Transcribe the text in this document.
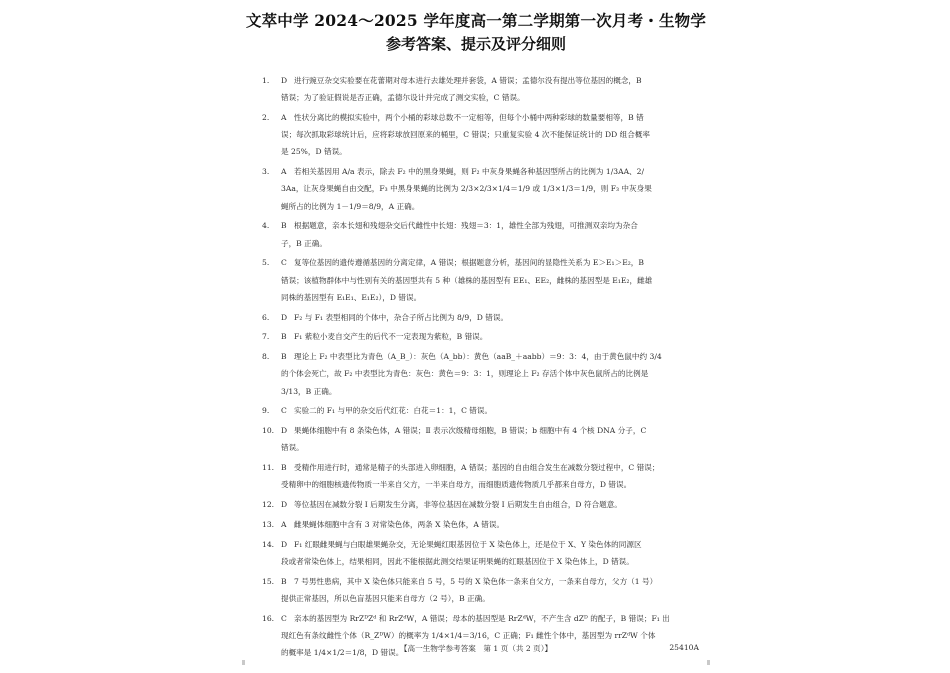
文萃中学 2024～2025 学年度高一第二学期第一次月考・生物学
参考答案、提示及评分细则
1.	D 进行豌豆杂交实验要在花蕾期对母本进行去雄处理并套袋，A 错误；孟德尔没有提出等位基因的概念，B
错误；为了验证假说是否正确，孟德尔设计并完成了测交实验，C 错误。
2.	A 性状分离比的模拟实验中，两个小桶的彩球总数不一定相等，但每个小桶中两种彩球的数量要相等，B 错
误；每次抓取彩球统计后，应将彩球放回原来的桶里，C 错误；只重复实验 4 次不能保证统计的 DD 组合概率
是 25%，D 错误。
3.	A 若相关基因用 A/a 表示，除去 F₂ 中的黑身果蝇，则 F₂ 中灰身果蝇各种基因型所占的比例为 1/3AA、2/
3Aa，让灰身果蝇自由交配，F₃ 中黑身果蝇的比例为 2/3×2/3×1/4＝1/9 或 1/3×1/3＝1/9，则 F₃ 中灰身果
蝇所占的比例为 1－1/9＝8/9，A 正确。
4.	B 根据题意，亲本长翅和残翅杂交后代雌性中长翅：残翅＝3：1，雄性全部为残翅，可推测双亲均为杂合
子，B 正确。
5.	C 复等位基因的遗传遵循基因的分离定律，A 错误；根据题意分析，基因间的显隐性关系为 E＞E₁＞E₂，B
错误；该植物群体中与性别有关的基因型共有 5 种（雄株的基因型有 EE₁、EE₂，雌株的基因型是 E₁E₂，雌雄
同株的基因型有 E₁E₁、E₁E₂），D 错误。
6.	D F₂ 与 F₁ 表型相同的个体中，杂合子所占比例为 8/9，D 错误。
7.	B F₁ 紫粒小麦自交产生的后代不一定表现为紫粒，B 错误。
8.	B 理论上 F₂ 中表型比为青色（A_B_）：灰色（A_bb）：黄色（aaB_＋aabb）＝9：3：4，由于黄色鼠中约 3/4
的个体会死亡，故 F₂ 中表型比为青色：灰色：黄色＝9：3：1，则理论上 F₂ 存活个体中灰色鼠所占的比例是
3/13，B 正确。
9.	C 实验二的 F₁ 与甲的杂交后代红花：白花＝1：1，C 错误。
10. D 果蝇体细胞中有 8 条染色体，A 错误；Ⅱ 表示次级精母细胞，B 错误；b 细胞中有 4 个核 DNA 分子，C
错误。
11. B 受精作用进行时，通常是精子的头部进入卵细胞，A 错误；基因的自由组合发生在减数分裂过程中，C 错误；
受精卵中的细胞核遗传物质一半来自父方，一半来自母方，而细胞质遗传物质几乎都来自母方，D 错误。
12. D 等位基因在减数分裂 Ⅰ 后期发生分离，非等位基因在减数分裂 Ⅰ 后期发生自由组合，D 符合题意。
13. A 雌果蝇体细胞中含有 3 对常染色体，两条 X 染色体，A 错误。
14. D F₁ 红眼雌果蝇与白眼雄果蝇杂交，无论果蝇红眼基因位于 X 染色体上，还是位于 X、Y 染色体的同源区
段或者常染色体上，结果相同，因此不能根据此测交结果证明果蝇的红眼基因位于 X 染色体上，D 错误。
15. B 7 号男性患病，其中 X 染色体只能来自 5 号，5 号的 X 染色体一条来自父方，一条来自母方，父方（1 号）
提供正常基因，所以色盲基因只能来自母方（2 号），B 正确。
16. C 亲本的基因型为 RrZᴰZᵈ 和 RrZᵈW，A 错误；母本的基因型是 RrZᵈW，不产生含 dZᴰ 的配子，B 错误；F₁ 出
现红色有条纹雌性个体（R_ZᴰW）的概率为 1/4×1/4＝3/16，C 正确；F₁ 雌性个体中，基因型为 rrZᵈW 个体
的概率是 1/4×1/2＝1/8，D 错误。
【高一生物学参考答案　第 1 页（共 2 页）】	25410A
